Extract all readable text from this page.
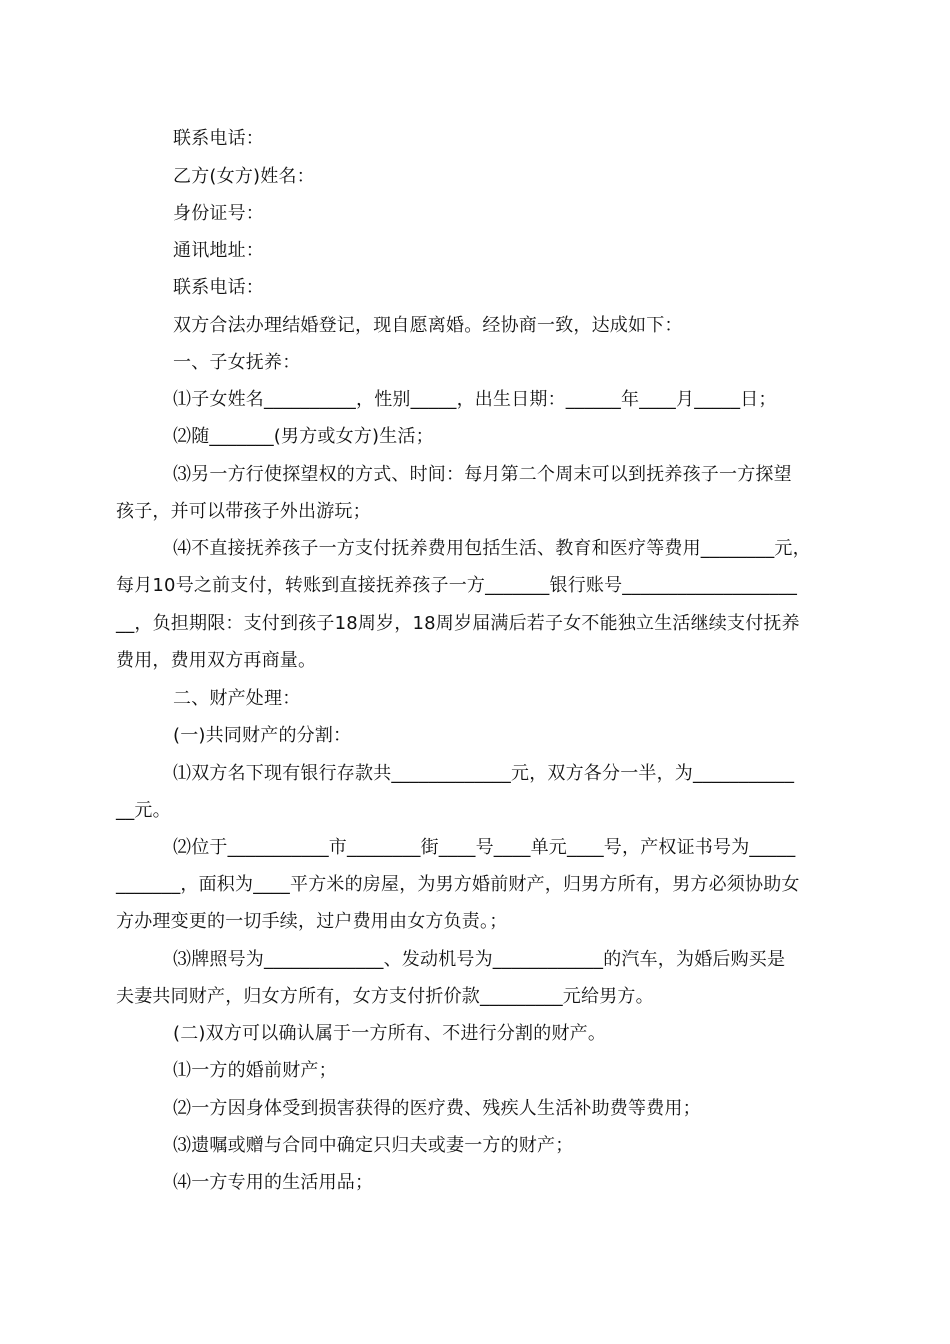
联系电话：
乙方(女方)姓名：
身份证号：
通讯地址：
联系电话：
双方合法办理结婚登记，现自愿离婚。经协商一致，达成如下：
一、子女抚养：
⑴子女姓名__________，性别_____，出生日期：______年____月_____日；
⑵随_______(男方或女方)生活；
⑶另一方行使探望权的方式、时间：每月第二个周末可以到抚养孩子一方探望
孩子，并可以带孩子外出游玩；
⑷不直接抚养孩子一方支付抚养费用包括生活、教育和医疗等费用________元，
每月10号之前支付，转账到直接抚养孩子一方_______银行账号___________________
__，负担期限：支付到孩子18周岁，18周岁届满后若子女不能独立生活继续支付抚养
费用，费用双方再商量。
二、财产处理：
(一)共同财产的分割：
⑴双方名下现有银行存款共_____________元，双方各分一半，为___________
__元。
⑵位于___________市________街____号____单元____号，产权证书号为_____
_______，面积为____平方米的房屋，为男方婚前财产，归男方所有，男方必须协助女
方办理变更的一切手续，过户费用由女方负责。；
⑶牌照号为_____________、发动机号为____________的汽车，为婚后购买是
夫妻共同财产，归女方所有，女方支付折价款_________元给男方。
(二)双方可以确认属于一方所有、不进行分割的财产。
⑴一方的婚前财产；
⑵一方因身体受到损害获得的医疗费、残疾人生活补助费等费用；
⑶遗嘱或赠与合同中确定只归夫或妻一方的财产；
⑷一方专用的生活用品；
